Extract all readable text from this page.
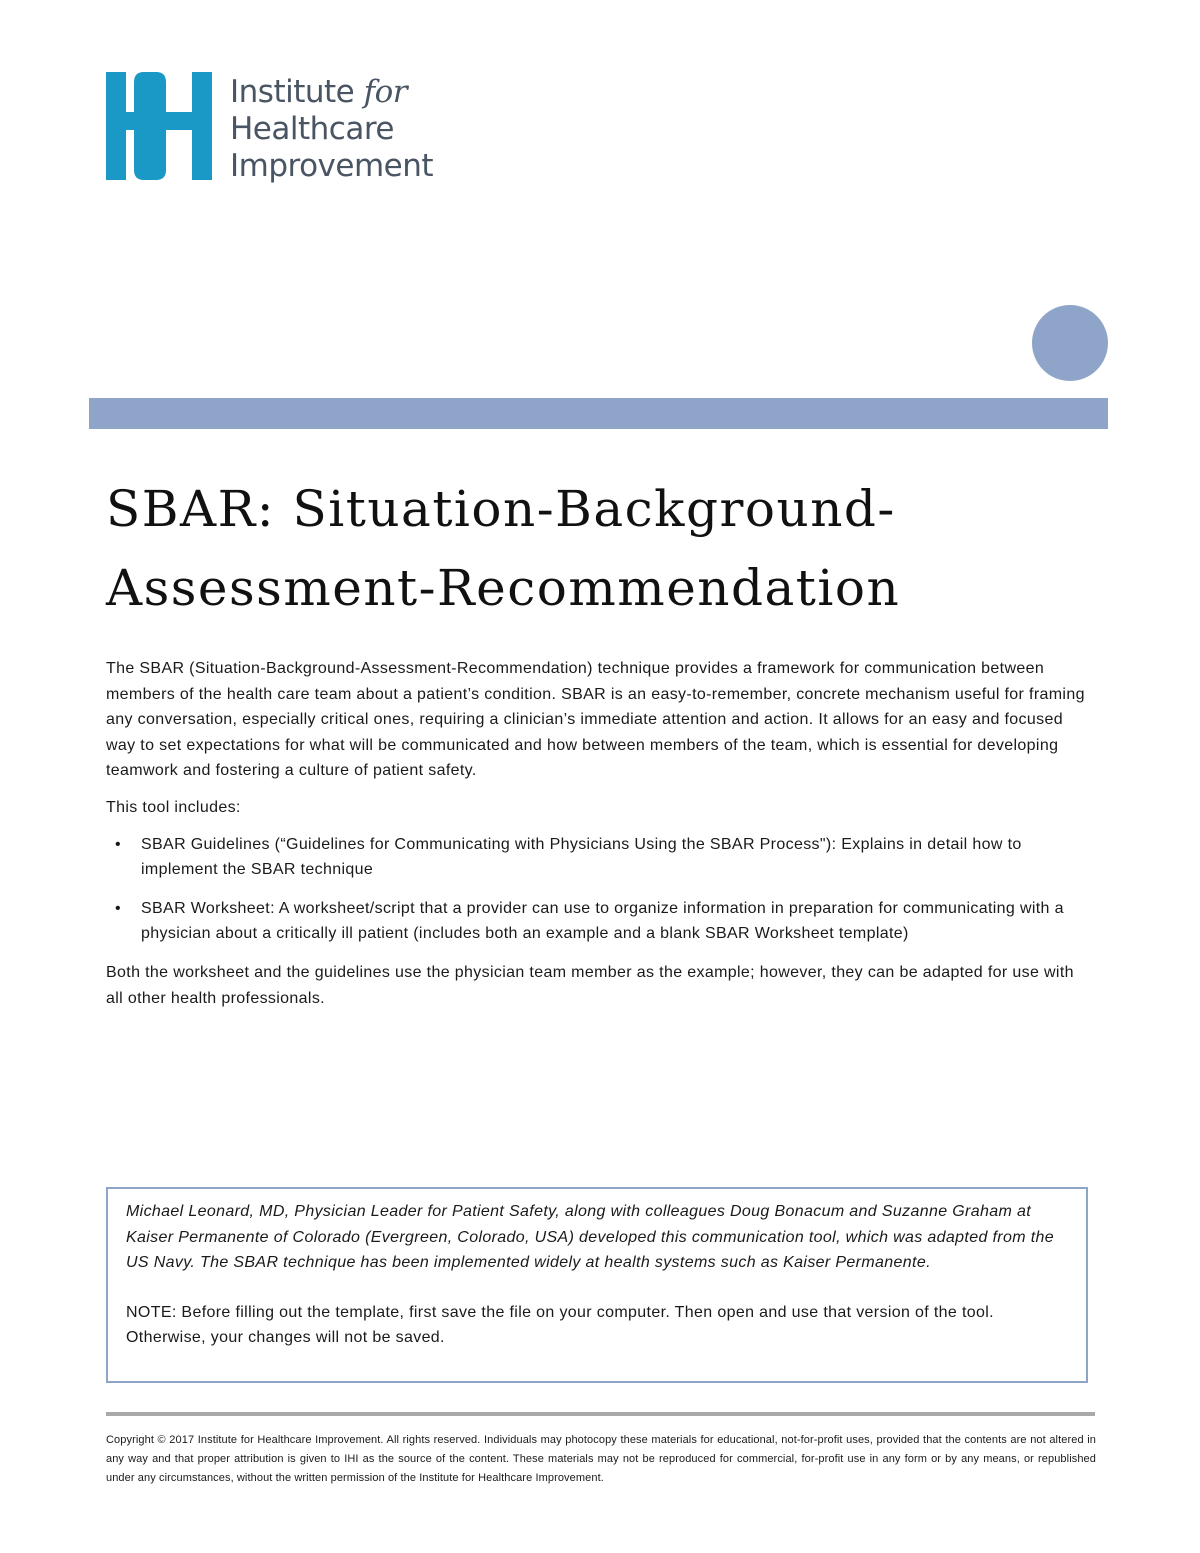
Institute for
Healthcare
Improvement
SBAR: Situation-Background-
Assessment-Recommendation

The SBAR (Situation-Background-Assessment-Recommendation) technique provides a framework for communication between members of the health care team about a patient’s condition. SBAR is an easy-to-remember, concrete mechanism useful for framing any conversation, especially critical ones, requiring a clinician’s immediate attention and action. It allows for an easy and focused way to set expectations for what will be communicated and how between members of the team, which is essential for developing teamwork and fostering a culture of patient safety.

This tool includes:

• SBAR Guidelines (“Guidelines for Communicating with Physicians Using the SBAR Process"): Explains in detail how to implement the SBAR technique
• SBAR Worksheet: A worksheet/script that a provider can use to organize information in preparation for communicating with a physician about a critically ill patient (includes both an example and a blank SBAR Worksheet template)

Both the worksheet and the guidelines use the physician team member as the example; however, they can be adapted for use with all other health professionals.

Michael Leonard, MD, Physician Leader for Patient Safety, along with colleagues Doug Bonacum and Suzanne Graham at Kaiser Permanente of Colorado (Evergreen, Colorado, USA) developed this communication tool, which was adapted from the US Navy. The SBAR technique has been implemented widely at health systems such as Kaiser Permanente.

NOTE: Before filling out the template, first save the file on your computer. Then open and use that version of the tool. Otherwise, your changes will not be saved.

Copyright © 2017 Institute for Healthcare Improvement. All rights reserved. Individuals may photocopy these materials for educational, not-for-profit uses, provided that the contents are not altered in any way and that proper attribution is given to IHI as the source of the content. These materials may not be reproduced for commercial, for-profit use in any form or by any means, or republished under any circumstances, without the written permission of the Institute for Healthcare Improvement.
